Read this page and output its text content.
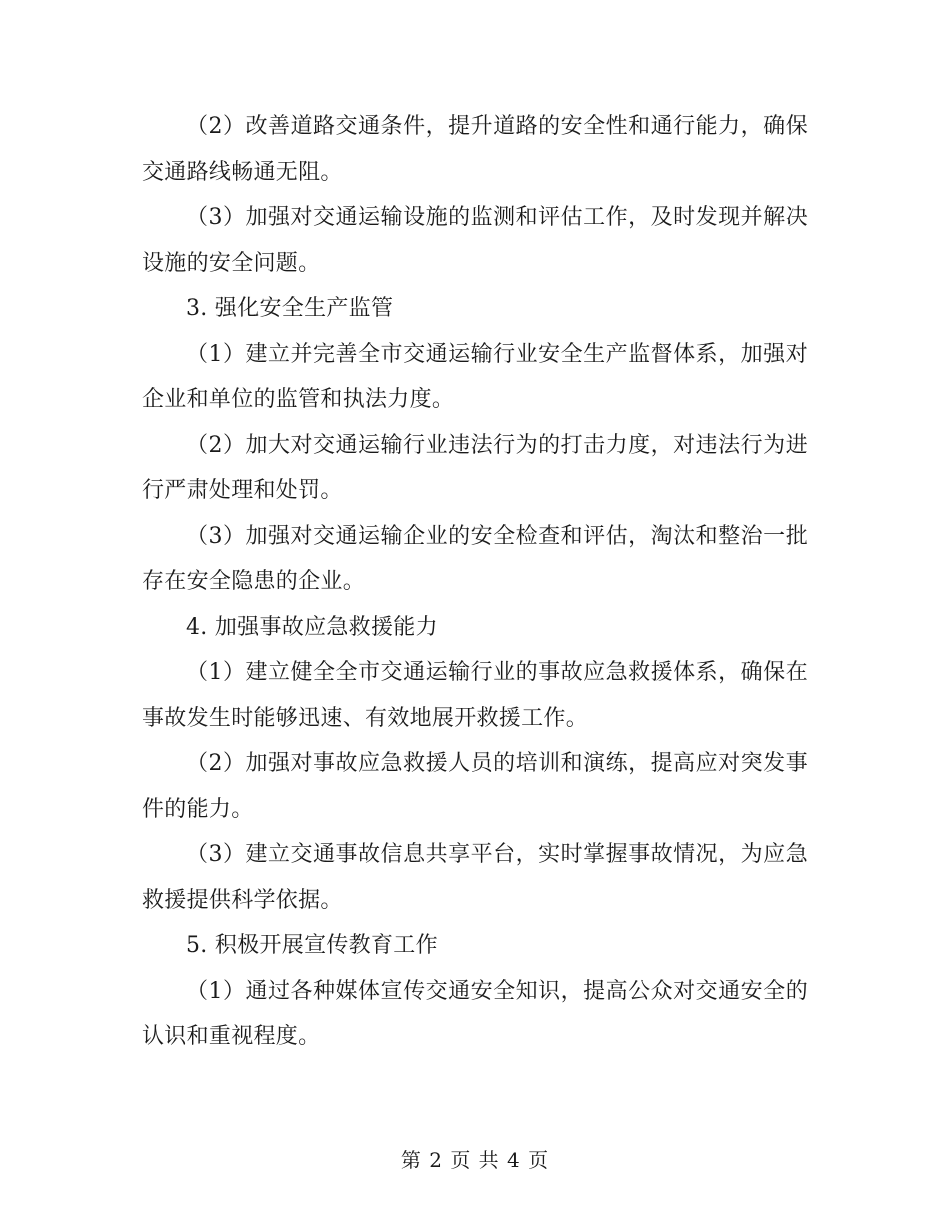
（2）改善道路交通条件，提升道路的安全性和通行能力，确保交通路线畅通无阻。

（3）加强对交通运输设施的监测和评估工作，及时发现并解决设施的安全问题。

3. 强化安全生产监管

（1）建立并完善全市交通运输行业安全生产监督体系，加强对企业和单位的监管和执法力度。

（2）加大对交通运输行业违法行为的打击力度，对违法行为进行严肃处理和处罚。

（3）加强对交通运输企业的安全检查和评估，淘汰和整治一批存在安全隐患的企业。

4. 加强事故应急救援能力

（1）建立健全全市交通运输行业的事故应急救援体系，确保在事故发生时能够迅速、有效地展开救援工作。

（2）加强对事故应急救援人员的培训和演练，提高应对突发事件的能力。

（3）建立交通事故信息共享平台，实时掌握事故情况，为应急救援提供科学依据。

5. 积极开展宣传教育工作

（1）通过各种媒体宣传交通安全知识，提高公众对交通安全的认识和重视程度。

第 2 页 共 4 页
